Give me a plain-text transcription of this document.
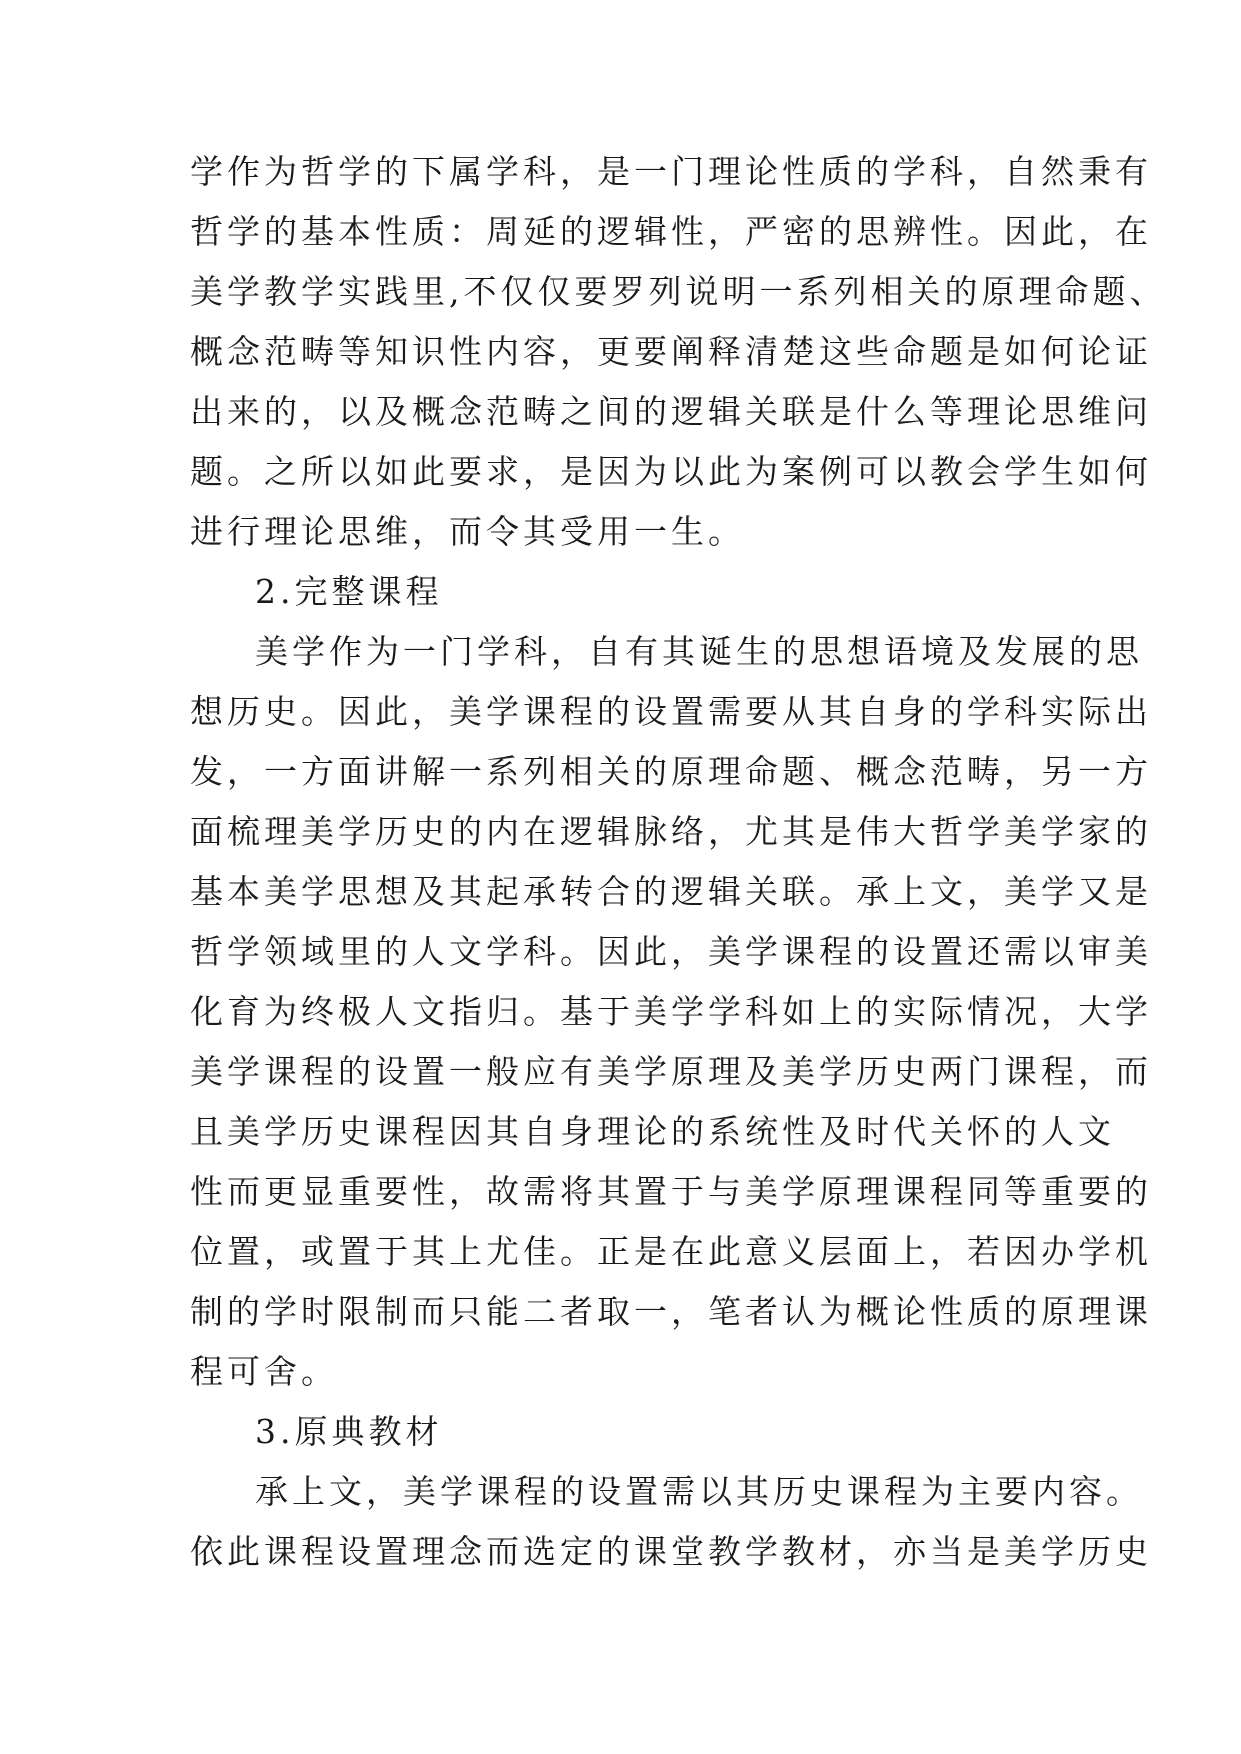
学作为哲学的下属学科，是一门理论性质的学科，自然秉有
哲学的基本性质：周延的逻辑性，严密的思辨性。因此，在
美学教学实践里,不仅仅要罗列说明一系列相关的原理命题、
概念范畴等知识性内容，更要阐释清楚这些命题是如何论证
出来的，以及概念范畴之间的逻辑关联是什么等理论思维问
题。之所以如此要求，是因为以此为案例可以教会学生如何
进行理论思维，而令其受用一生。
2.完整课程
美学作为一门学科，自有其诞生的思想语境及发展的思
想历史。因此，美学课程的设置需要从其自身的学科实际出
发，一方面讲解一系列相关的原理命题、概念范畴，另一方
面梳理美学历史的内在逻辑脉络，尤其是伟大哲学美学家的
基本美学思想及其起承转合的逻辑关联。承上文，美学又是
哲学领域里的人文学科。因此，美学课程的设置还需以审美
化育为终极人文指归。基于美学学科如上的实际情况，大学
美学课程的设置一般应有美学原理及美学历史两门课程，而
且美学历史课程因其自身理论的系统性及时代关怀的人文
性而更显重要性，故需将其置于与美学原理课程同等重要的
位置，或置于其上尤佳。正是在此意义层面上，若因办学机
制的学时限制而只能二者取一，笔者认为概论性质的原理课
程可舍。
3.原典教材
承上文，美学课程的设置需以其历史课程为主要内容。
依此课程设置理念而选定的课堂教学教材，亦当是美学历史
